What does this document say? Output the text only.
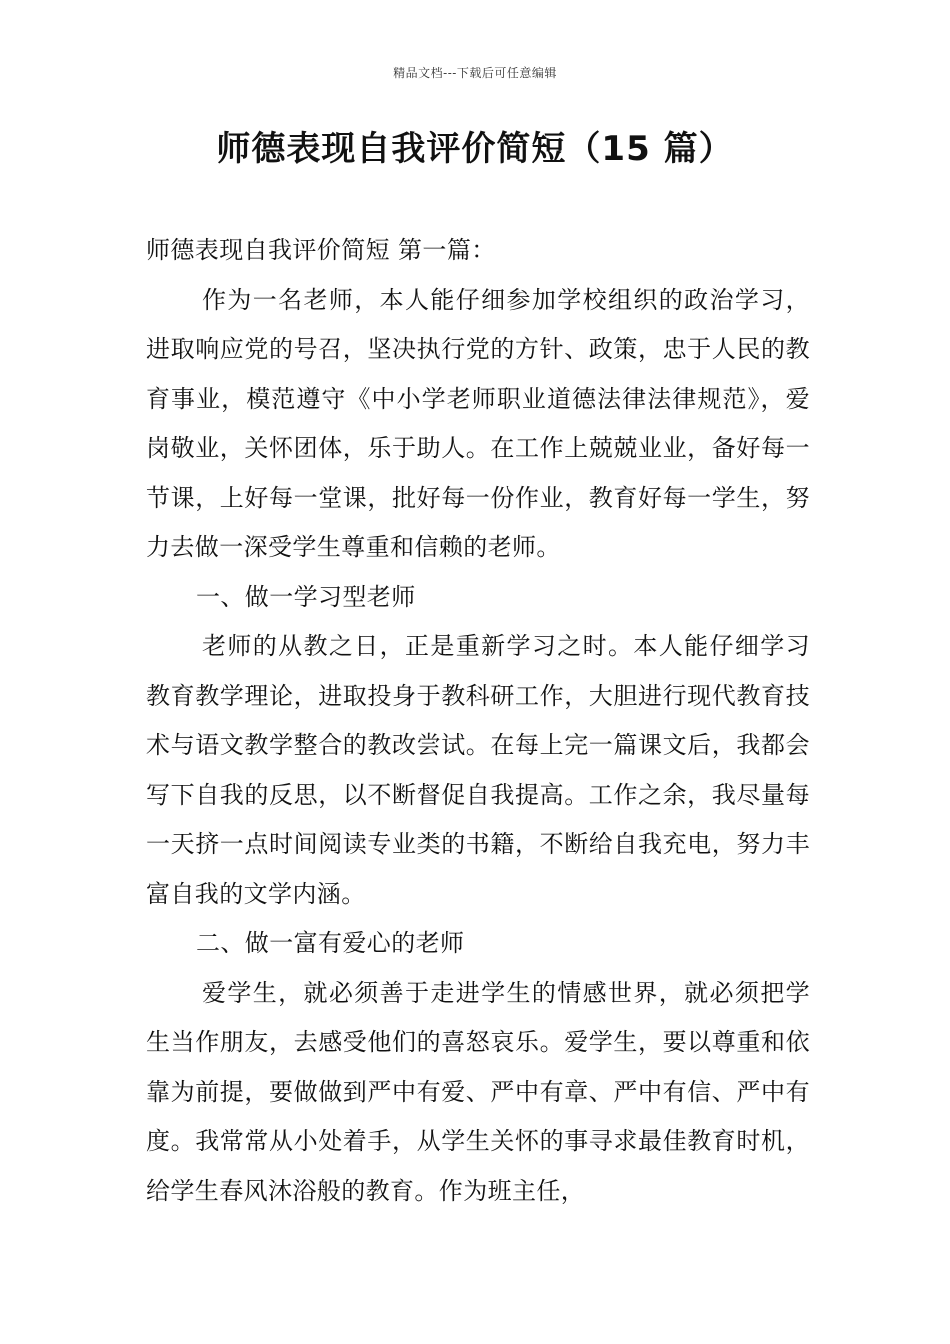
精品文档---下载后可任意编辑
师德表现自我评价简短（15 篇）

师德表现自我评价简短 第一篇：

作为一名老师，本人能仔细参加学校组织的政治学习，进取响应党的号召，坚决执行党的方针、政策，忠于人民的教育事业，模范遵守《中小学老师职业道德法律法律规范》，爱岗敬业，关怀团体，乐于助人。在工作上兢兢业业，备好每一节课，上好每一堂课，批好每一份作业，教育好每一学生，努力去做一深受学生尊重和信赖的老师。

一、做一学习型老师

老师的从教之日，正是重新学习之时。本人能仔细学习教育教学理论，进取投身于教科研工作，大胆进行现代教育技术与语文教学整合的教改尝试。在每上完一篇课文后，我都会写下自我的反思，以不断督促自我提高。工作之余，我尽量每一天挤一点时间阅读专业类的书籍，不断给自我充电，努力丰富自我的文学内涵。

二、做一富有爱心的老师

爱学生，就必须善于走进学生的情感世界，就必须把学生当作朋友，去感受他们的喜怒哀乐。爱学生，要以尊重和依靠为前提，要做做到严中有爱、严中有章、严中有信、严中有度。我常常从小处着手，从学生关怀的事寻求最佳教育时机，给学生春风沐浴般的教育。作为班主任，
